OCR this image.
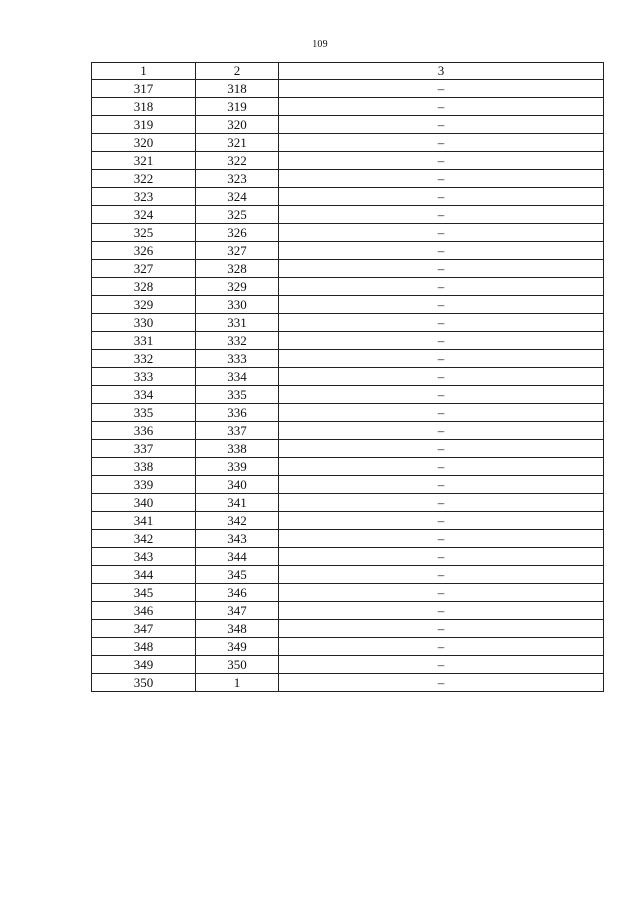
109
1	2	3
317	318	–
318	319	–
319	320	–
320	321	–
321	322	–
322	323	–
323	324	–
324	325	–
325	326	–
326	327	–
327	328	–
328	329	–
329	330	–
330	331	–
331	332	–
332	333	–
333	334	–
334	335	–
335	336	–
336	337	–
337	338	–
338	339	–
339	340	–
340	341	–
341	342	–
342	343	–
343	344	–
344	345	–
345	346	–
346	347	–
347	348	–
348	349	–
349	350	–
350	1	–
